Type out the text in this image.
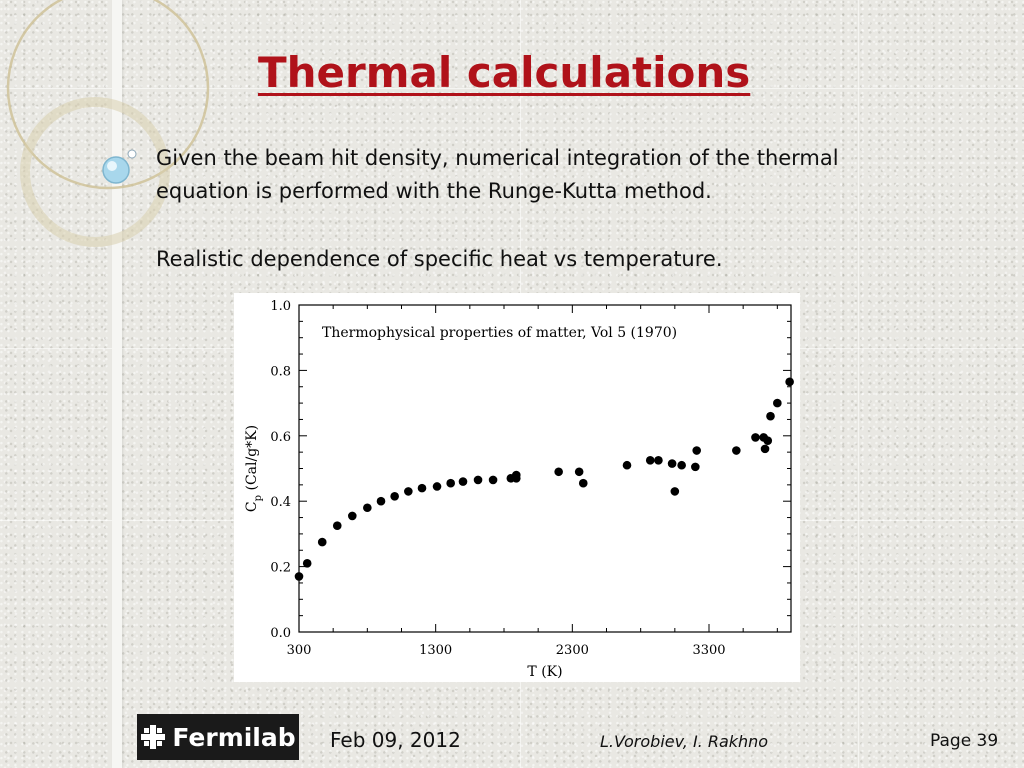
Thermal calculations

Given the beam hit density, numerical integration of the thermal equation is performed with the Runge-Kutta method.

Realistic dependence of specific heat vs temperature.

300	1300	2300	3300
0.0
0.2
0.4
0.6
0.8
1.0
T (K)
$C_p$ (Cal/g*K)
Thermophysical properties of matter, Vol 5 (1970)
Fermilab Feb 09, 2012	L.Vorobiev, I. Rakhno	Page 39
